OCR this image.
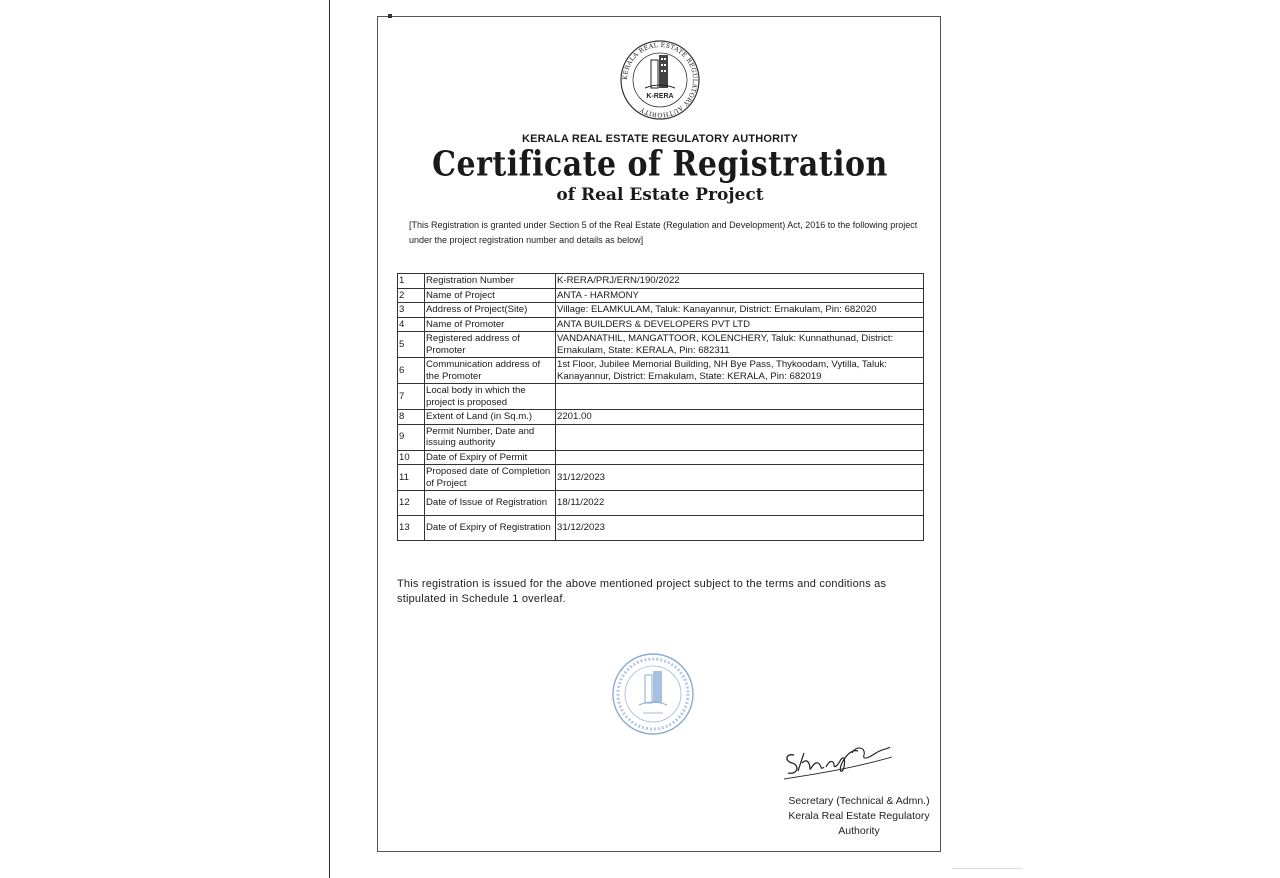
KERALA REAL ESTATE REGULATORY AUTHORITY
K-RERA
KERALA REAL ESTATE REGULATORY AUTHORITY
Certificate of Registration
of Real Estate Project
[This Registration is granted under Section 5 of the Real Estate (Regulation and Development) Act, 2016 to the following project under the project registration number and details as below]
1	Registration Number	K-RERA/PRJ/ERN/190/2022
2	Name of Project	ANTA - HARMONY
3	Address of Project(Site)	Village: ELAMKULAM, Taluk: Kanayannur, District: Ernakulam, Pin: 682020
4	Name of Promoter	ANTA BUILDERS & DEVELOPERS PVT LTD
5	Registered address of Promoter	VANDANATHIL, MANGATTOOR, KOLENCHERY, Taluk: Kunnathunad, District: Ernakulam, State: KERALA, Pin: 682311
6	Communication address of the Promoter	1st Floor, Jubilee Memorial Building, NH Bye Pass, Thykoodam, Vytilla, Taluk: Kanayannur, District: Ernakulam, State: KERALA, Pin: 682019
7	Local body in which the project is proposed	
8	Extent of Land (in Sq.m.)	2201.00
9	Permit Number, Date and issuing authority	
10	Date of Expiry of Permit	
11	Proposed date of Completion of Project	31/12/2023
12	Date of Issue of Registration	18/11/2022
13	Date of Expiry of Registration	31/12/2023
This registration is issued for the above mentioned project subject to the terms and conditions as stipulated in Schedule 1 overleaf.
Secretary (Technical & Admn.)
Kerala Real Estate Regulatory
Authority
